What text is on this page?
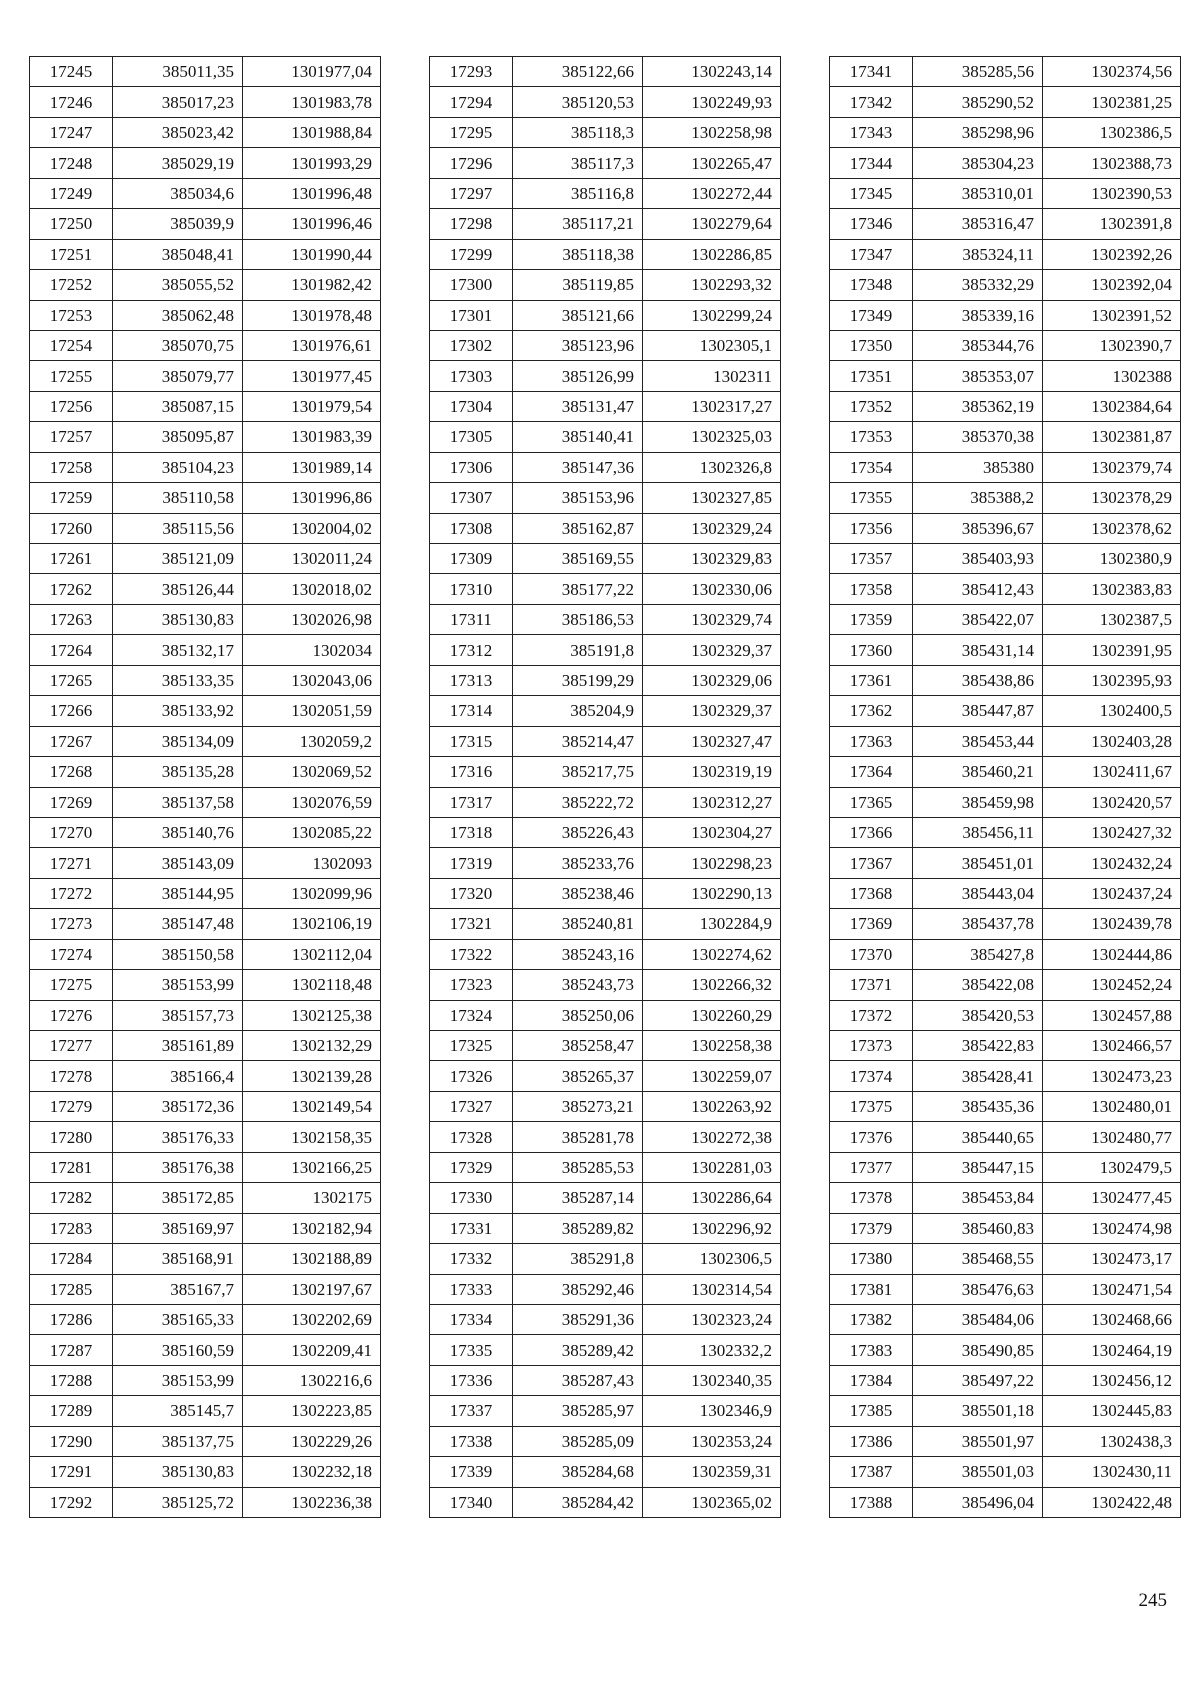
17245	385011,35	1301977,04
17246	385017,23	1301983,78
17247	385023,42	1301988,84
17248	385029,19	1301993,29
17249	385034,6	1301996,48
17250	385039,9	1301996,46
17251	385048,41	1301990,44
17252	385055,52	1301982,42
17253	385062,48	1301978,48
17254	385070,75	1301976,61
17255	385079,77	1301977,45
17256	385087,15	1301979,54
17257	385095,87	1301983,39
17258	385104,23	1301989,14
17259	385110,58	1301996,86
17260	385115,56	1302004,02
17261	385121,09	1302011,24
17262	385126,44	1302018,02
17263	385130,83	1302026,98
17264	385132,17	1302034
17265	385133,35	1302043,06
17266	385133,92	1302051,59
17267	385134,09	1302059,2
17268	385135,28	1302069,52
17269	385137,58	1302076,59
17270	385140,76	1302085,22
17271	385143,09	1302093
17272	385144,95	1302099,96
17273	385147,48	1302106,19
17274	385150,58	1302112,04
17275	385153,99	1302118,48
17276	385157,73	1302125,38
17277	385161,89	1302132,29
17278	385166,4	1302139,28
17279	385172,36	1302149,54
17280	385176,33	1302158,35
17281	385176,38	1302166,25
17282	385172,85	1302175
17283	385169,97	1302182,94
17284	385168,91	1302188,89
17285	385167,7	1302197,67
17286	385165,33	1302202,69
17287	385160,59	1302209,41
17288	385153,99	1302216,6
17289	385145,7	1302223,85
17290	385137,75	1302229,26
17291	385130,83	1302232,18
17292	385125,72	1302236,38
17293	385122,66	1302243,14
17294	385120,53	1302249,93
17295	385118,3	1302258,98
17296	385117,3	1302265,47
17297	385116,8	1302272,44
17298	385117,21	1302279,64
17299	385118,38	1302286,85
17300	385119,85	1302293,32
17301	385121,66	1302299,24
17302	385123,96	1302305,1
17303	385126,99	1302311
17304	385131,47	1302317,27
17305	385140,41	1302325,03
17306	385147,36	1302326,8
17307	385153,96	1302327,85
17308	385162,87	1302329,24
17309	385169,55	1302329,83
17310	385177,22	1302330,06
17311	385186,53	1302329,74
17312	385191,8	1302329,37
17313	385199,29	1302329,06
17314	385204,9	1302329,37
17315	385214,47	1302327,47
17316	385217,75	1302319,19
17317	385222,72	1302312,27
17318	385226,43	1302304,27
17319	385233,76	1302298,23
17320	385238,46	1302290,13
17321	385240,81	1302284,9
17322	385243,16	1302274,62
17323	385243,73	1302266,32
17324	385250,06	1302260,29
17325	385258,47	1302258,38
17326	385265,37	1302259,07
17327	385273,21	1302263,92
17328	385281,78	1302272,38
17329	385285,53	1302281,03
17330	385287,14	1302286,64
17331	385289,82	1302296,92
17332	385291,8	1302306,5
17333	385292,46	1302314,54
17334	385291,36	1302323,24
17335	385289,42	1302332,2
17336	385287,43	1302340,35
17337	385285,97	1302346,9
17338	385285,09	1302353,24
17339	385284,68	1302359,31
17340	385284,42	1302365,02
17341	385285,56	1302374,56
17342	385290,52	1302381,25
17343	385298,96	1302386,5
17344	385304,23	1302388,73
17345	385310,01	1302390,53
17346	385316,47	1302391,8
17347	385324,11	1302392,26
17348	385332,29	1302392,04
17349	385339,16	1302391,52
17350	385344,76	1302390,7
17351	385353,07	1302388
17352	385362,19	1302384,64
17353	385370,38	1302381,87
17354	385380	1302379,74
17355	385388,2	1302378,29
17356	385396,67	1302378,62
17357	385403,93	1302380,9
17358	385412,43	1302383,83
17359	385422,07	1302387,5
17360	385431,14	1302391,95
17361	385438,86	1302395,93
17362	385447,87	1302400,5
17363	385453,44	1302403,28
17364	385460,21	1302411,67
17365	385459,98	1302420,57
17366	385456,11	1302427,32
17367	385451,01	1302432,24
17368	385443,04	1302437,24
17369	385437,78	1302439,78
17370	385427,8	1302444,86
17371	385422,08	1302452,24
17372	385420,53	1302457,88
17373	385422,83	1302466,57
17374	385428,41	1302473,23
17375	385435,36	1302480,01
17376	385440,65	1302480,77
17377	385447,15	1302479,5
17378	385453,84	1302477,45
17379	385460,83	1302474,98
17380	385468,55	1302473,17
17381	385476,63	1302471,54
17382	385484,06	1302468,66
17383	385490,85	1302464,19
17384	385497,22	1302456,12
17385	385501,18	1302445,83
17386	385501,97	1302438,3
17387	385501,03	1302430,11
17388	385496,04	1302422,48
245
